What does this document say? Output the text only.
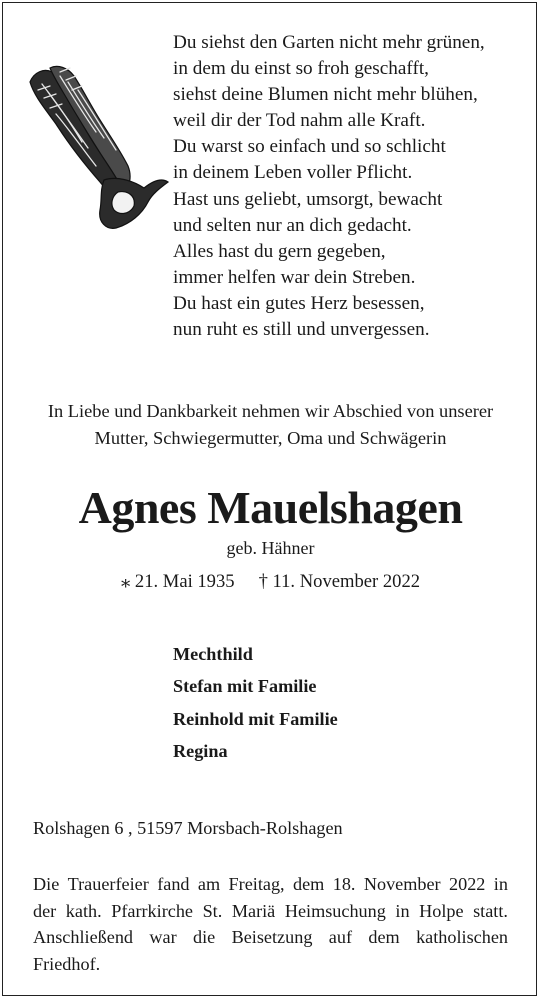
Du siehst den Garten nicht mehr grünen,
in dem du einst so froh geschafft,
siehst deine Blumen nicht mehr blühen,
weil dir der Tod nahm alle Kraft.
Du warst so einfach und so schlicht
in deinem Leben voller Pflicht.
Hast uns geliebt, umsorgt, bewacht
und selten nur an dich gedacht.
Alles hast du gern gegeben,
immer helfen war dein Streben.
Du hast ein gutes Herz besessen,
nun ruht es still und unvergessen.
In Liebe und Dankbarkeit nehmen wir Abschied von unserer
Mutter, Schwiegermutter, Oma und Schwägerin
Agnes Mauelshagen
geb. Hähner
⁎ 21. Mai 1935 † 11. November 2022
Mechthild
Stefan mit Familie
Reinhold mit Familie
Regina
Rolshagen 6 , 51597 Morsbach-Rolshagen
Die Trauerfeier fand am Freitag, dem 18. November 2022 in
der kath. Pfarrkirche St. Mariä Heimsuchung in Holpe statt.
Anschließend war die Beisetzung auf dem katholischen
Friedhof.
